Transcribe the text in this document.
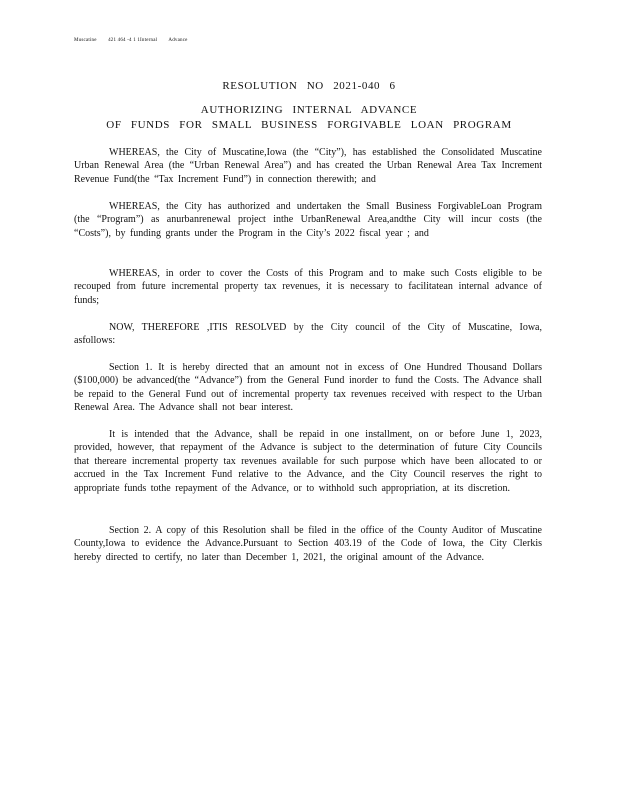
Muscatine 421 464 -4 1 1Internal Advance
RESOLUTION NO 2021-040 6
AUTHORIZING INTERNAL ADVANCE
OF FUNDS FOR SMALL BUSINESS FORGIVABLE LOAN PROGRAM

WHEREAS, the City of Muscatine,Iowa (the “City”), has established the Consolidated Muscatine Urban Renewal Area (the “Urban Renewal Area”) and has created the Urban Renewal Area Tax Increment Revenue Fund(the “Tax Increment Fund”) in connection therewith; and

WHEREAS, the City has authorized and undertaken the Small Business ForgivableLoan Program (the “Program”) as anurbanrenewal project inthe UrbanRenewal Area,andthe City will incur costs (the “Costs”), by funding grants under the Program in the City’s 2022 fiscal year ; and

WHEREAS, in order to cover the Costs of this Program and to make such Costs eligible to be recouped from future incremental property tax revenues, it is necessary to facilitatean internal advance of funds;

NOW, THEREFORE ,ITIS RESOLVED by the City council of the City of Muscatine, Iowa, asfollows:

Section 1. It is hereby directed that an amount not in excess of One Hundred Thousand Dollars ($100,000) be advanced(the “Advance”) from the General Fund inorder to fund the Costs. The Advance shall be repaid to the General Fund out of incremental property tax revenues received with respect to the Urban Renewal Area. The Advance shall not bear interest.

It is intended that the Advance, shall be repaid in one installment, on or before June 1, 2023, provided, however, that repayment of the Advance is subject to the determination of future City Councils that thereare incremental property tax revenues available for such purpose which have been allocated to or accrued in the Tax Increment Fund relative to the Advance, and the City Council reserves the right to appropriate funds tothe repayment of the Advance, or to withhold such appropriation, at its discretion.

Section 2. A copy of this Resolution shall be filed in the office of the County Auditor of Muscatine County,Iowa to evidence the Advance.Pursuant to Section 403.19 of the Code of Iowa, the City Clerkis hereby directed to certify, no later than December 1, 2021, the original amount of the Advance.
